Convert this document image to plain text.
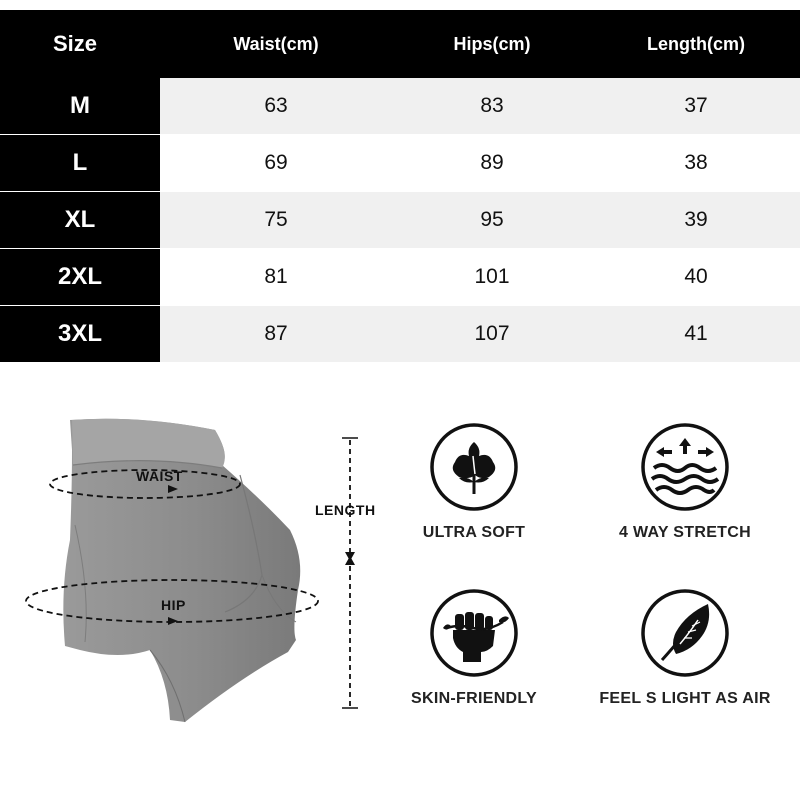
Size	Waist(cm)	Hips(cm)	Length(cm)
M	63	83	37
L	69	89	38
XL	75	95	39
2XL	81	101	40
3XL	87	107	41
WAIST
HIP
LENGTH
ULTRA SOFT	4 WAY STRETCH
SKIN-FRIENDLY	FEEL S LIGHT AS AIR
